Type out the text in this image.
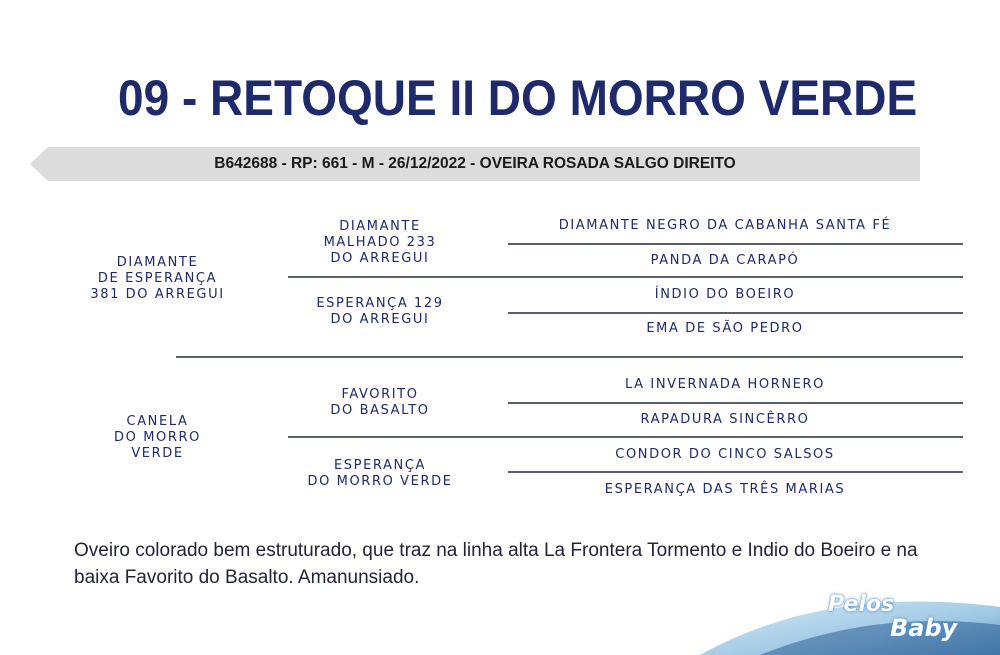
09 - RETOQUE II DO MORRO VERDE
B642688 - RP: 661 - M - 26/12/2022 - OVEIRA ROSADA SALGO DIREITO
DIAMANTE
DE ESPERANÇA
381 DO ARREGUI
CANELA
DO MORRO
VERDE
DIAMANTE
MALHADO 233
DO ARREGUI
ESPERANÇA 129
DO ARREGUI
FAVORITO
DO BASALTO
ESPERANÇA
DO MORRO VERDE
DIAMANTE NEGRO DA CABANHA SANTA FÉ
PANDA DA CARAPÓ
ÍNDIO DO BOEIRO
EMA DE SÃO PEDRO
LA INVERNADA HORNERO
RAPADURA SINCÊRRO
CONDOR DO CINCO SALSOS
ESPERANÇA DAS TRÊS MARIAS
Oveiro colorado bem estruturado, que traz na linha alta La Frontera Tormento e Indio do Boeiro e na baixa Favorito do Basalto. Amanunsiado.
Pelos
Baby
